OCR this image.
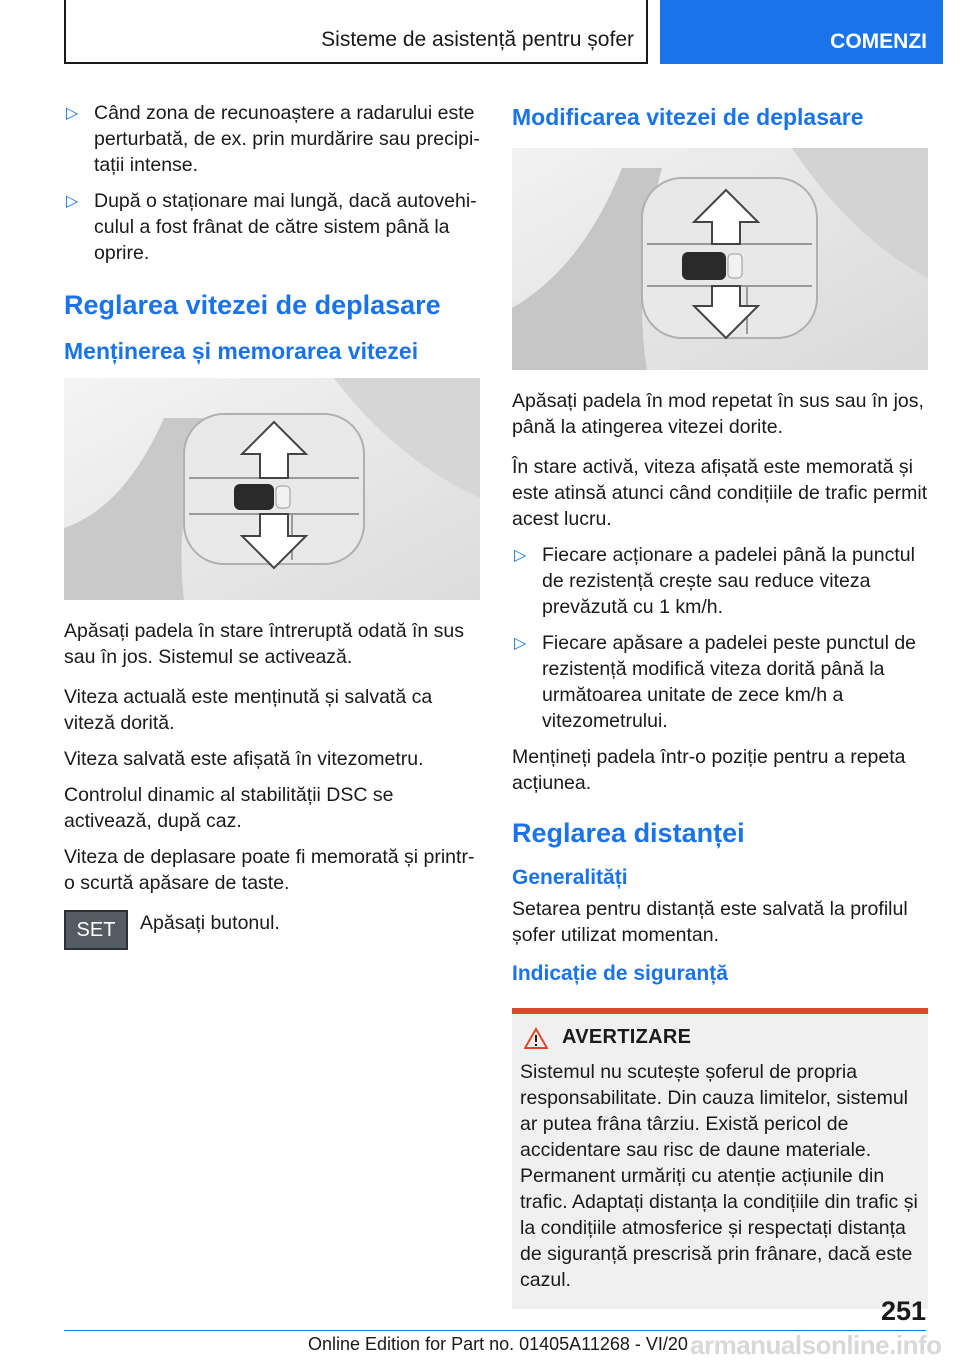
Sisteme de asistență pentru șofer	COMENZI
▷ Când zona de recunoaștere a radarului este perturbată, de ex. prin murdărire sau precipitații intense.
▷ După o staționare mai lungă, dacă autovehiculul a fost frânat de către sistem până la oprire.
Reglarea vitezei de deplasare
Menținerea și memorarea vitezei

Apăsați padela în stare întreruptă odată în sus sau în jos. Sistemul se activează.

Viteza actuală este menținută și salvată ca viteză dorită.

Viteza salvată este afișată în vitezometru.

Controlul dinamic al stabilității DSC se activează, după caz.

Viteza de deplasare poate fi memorată și printr-o scurtă apăsare de taste.

SET	Apăsați butonul.
Modificarea vitezei de deplasare

Apăsați padela în mod repetat în sus sau în jos, până la atingerea vitezei dorite.

În stare activă, viteza afișată este memorată și este atinsă atunci când condițiile de trafic permit acest lucru.

▷ Fiecare acționare a padelei până la punctul de rezistență crește sau reduce viteza prevăzută cu 1 km/h.
▷ Fiecare apăsare a padelei peste punctul de rezistență modifică viteza dorită până la următoarea unitate de zece km/h a vitezometrului.

Mențineți padela într-o poziție pentru a repeta acțiunea.

Reglarea distanței
Generalități

Setarea pentru distanță este salvată la profilul șofer utilizat momentan.

Indicație de siguranță
AVERTIZARE

Sistemul nu scutește șoferul de propria responsabilitate. Din cauza limitelor, sistemul ar putea frâna târziu. Există pericol de accidentare sau risc de daune materiale. Permanent urmăriți cu atenție acțiunile din trafic. Adaptați distanța la condițiile din trafic și la condițiile atmosferice și respectați distanța de siguranță prescrisă prin frânare, dacă este cazul.

251
armanualsonline.info
Online Edition for Part no. 01405A11268 - VI/20
